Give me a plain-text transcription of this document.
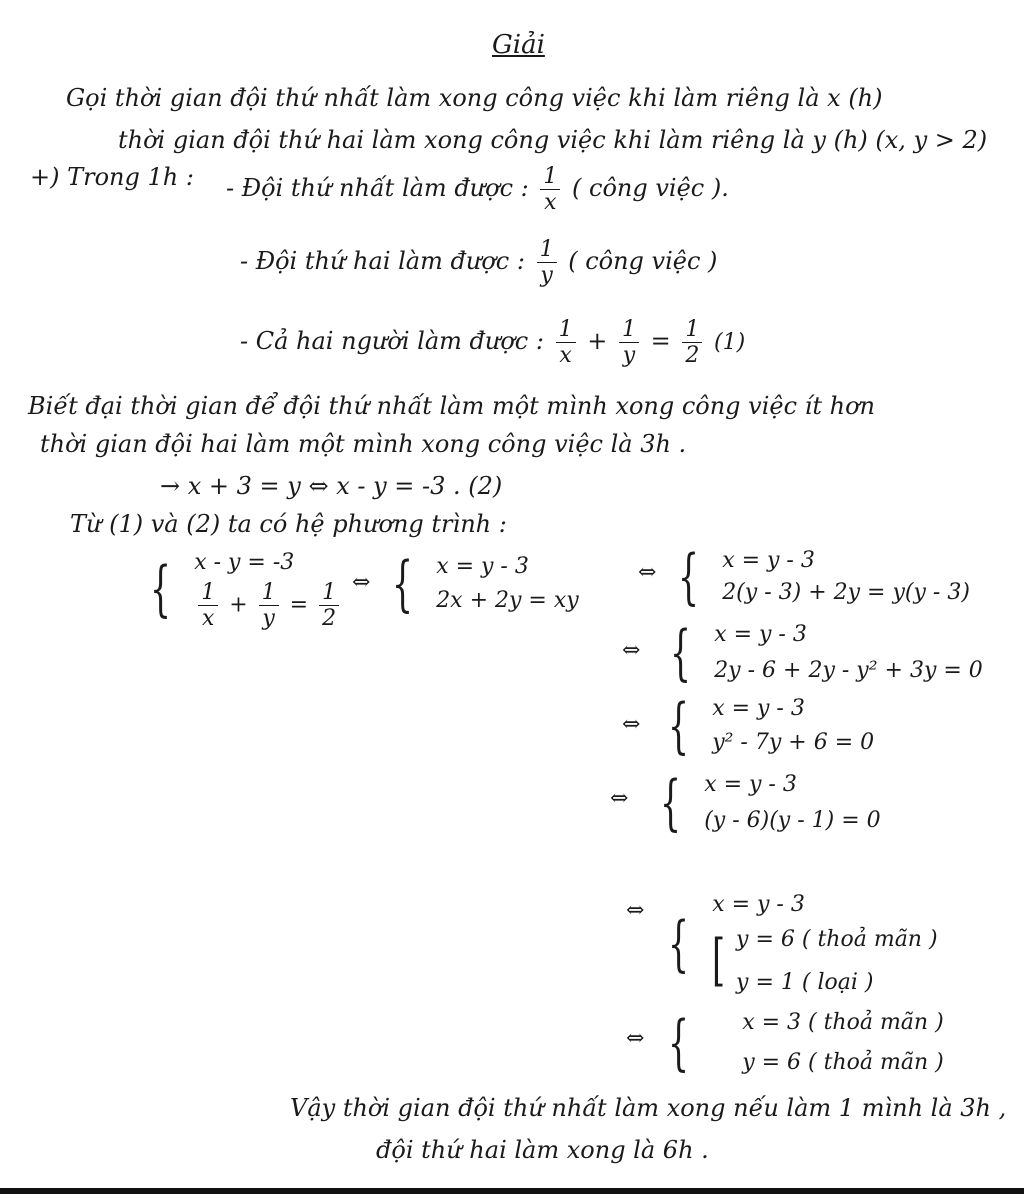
Giải
Gọi thời gian đội thứ nhất làm xong công việc khi làm riêng là x (h)
thời gian đội thứ hai làm xong công việc khi làm riêng là y (h) (x, y > 2)
+) Trong 1h : - Đội thứ nhất làm được : $\frac{1}{x}$ ( công việc ).
- Đội thứ hai làm được : $\frac{1}{y}$ ( công việc )
- Cả hai người làm được : $\frac{1}{x} + \frac{1}{y} = \frac{1}{2} (1)$
Biết đại thời gian để đội thứ nhất làm một mình xong công việc ít hơn
thời gian đội hai làm một mình xong công việc là 3h .
→ x + 3 = y ⇔ x - y = -3 . (2)
Từ (1) và (2) ta có hệ phương trình :
{ x - y = -3
$\frac{1}{x} + \frac{1}{y} = \frac{1}{2}$ ⇔ { x = y - 3
2x + 2y = xy
⇔ { x = y - 3
2(y - 3) + 2y = y(y - 3)
⇔ { x = y - 3
2y - 6 + 2y - y² + 3y = 0
⇔ { x = y - 3
y² - 7y + 6 = 0
⇔ { x = y - 3
(y - 6)(y - 1) = 0
⇔ {
x = y - 3
[ y = 6 ( thoả mãn )
y = 1 ( loại )
⇔ { x = 3 ( thoả mãn )
y = 6 ( thoả mãn )
Vậy thời gian đội thứ nhất làm xong nếu làm 1 mình là 3h ,
đội thứ hai làm xong là 6h .
